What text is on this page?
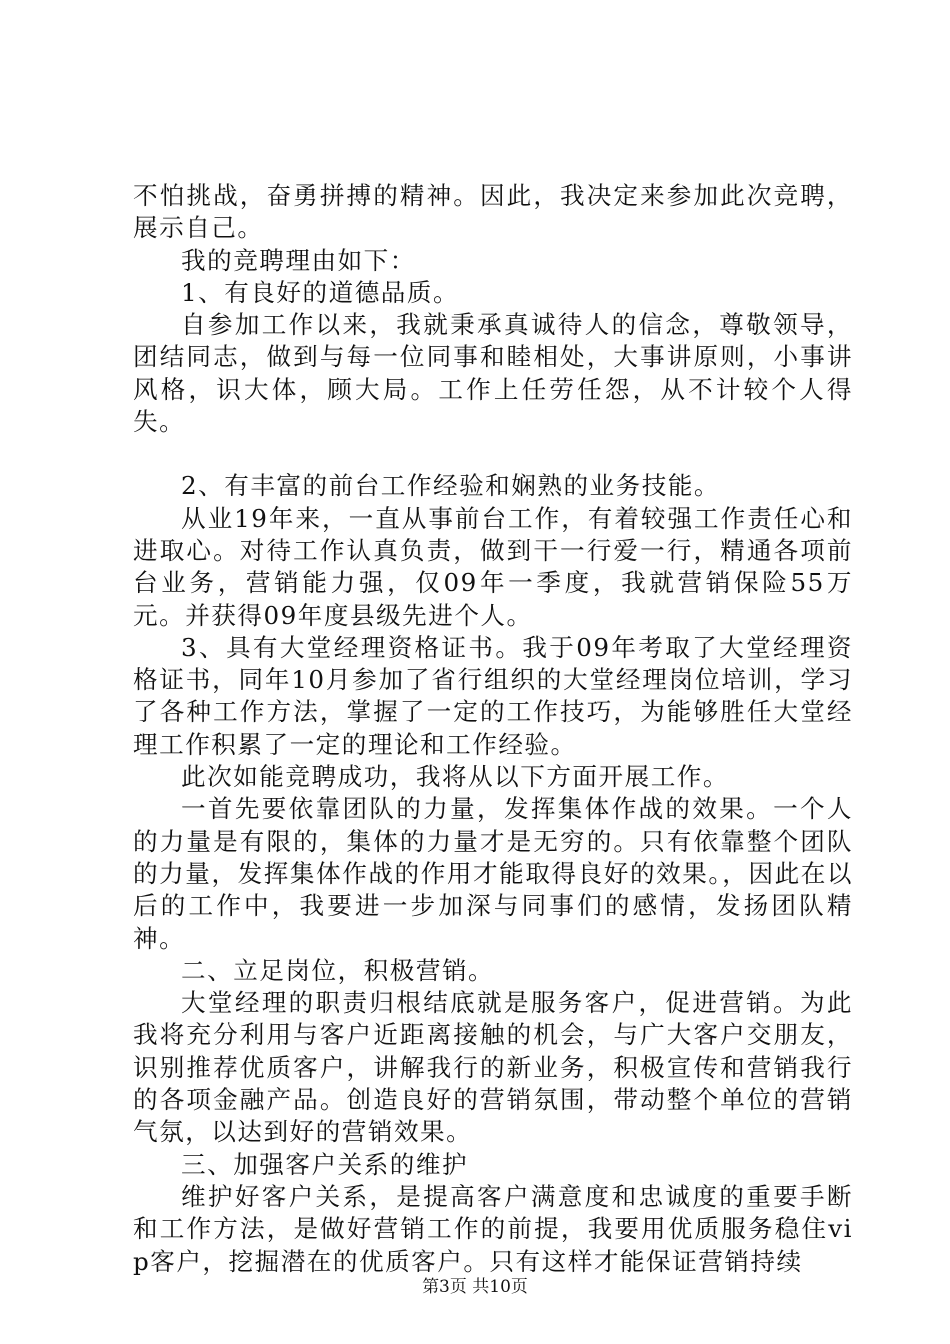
不怕挑战，奋勇拼搏的精神。因此，我决定来参加此次竞聘，展示自己。

我的竞聘理由如下：

1、有良好的道德品质。

自参加工作以来，我就秉承真诚待人的信念，尊敬领导，团结同志，做到与每一位同事和睦相处，大事讲原则，小事讲风格，识大体，顾大局。工作上任劳任怨，从不计较个人得失。

2、有丰富的前台工作经验和娴熟的业务技能。

从业19年来，一直从事前台工作，有着较强工作责任心和进取心。对待工作认真负责，做到干一行爱一行，精通各项前台业务，营销能力强，仅09年一季度，我就营销保险55万元。并获得09年度县级先进个人。

3、具有大堂经理资格证书。我于09年考取了大堂经理资格证书，同年10月参加了省行组织的大堂经理岗位培训，学习了各种工作方法，掌握了一定的工作技巧，为能够胜任大堂经理工作积累了一定的理论和工作经验。

此次如能竞聘成功，我将从以下方面开展工作。

一首先要依靠团队的力量，发挥集体作战的效果。一个人的力量是有限的，集体的力量才是无穷的。只有依靠整个团队的力量，发挥集体作战的作用才能取得良好的效果。，因此在以后的工作中，我要进一步加深与同事们的感情，发扬团队精神。

二、立足岗位，积极营销。

大堂经理的职责归根结底就是服务客户，促进营销。为此我将充分利用与客户近距离接触的机会，与广大客户交朋友，识别推荐优质客户，讲解我行的新业务，积极宣传和营销我行的各项金融产品。创造良好的营销氛围，带动整个单位的营销气氛，以达到好的营销效果。

三、加强客户关系的维护

维护好客户关系，是提高客户满意度和忠诚度的重要手断和工作方法，是做好营销工作的前提，我要用优质服务稳住vip客户，挖掘潜在的优质客户。只有这样才能保证营销持续

第3页 共10页
